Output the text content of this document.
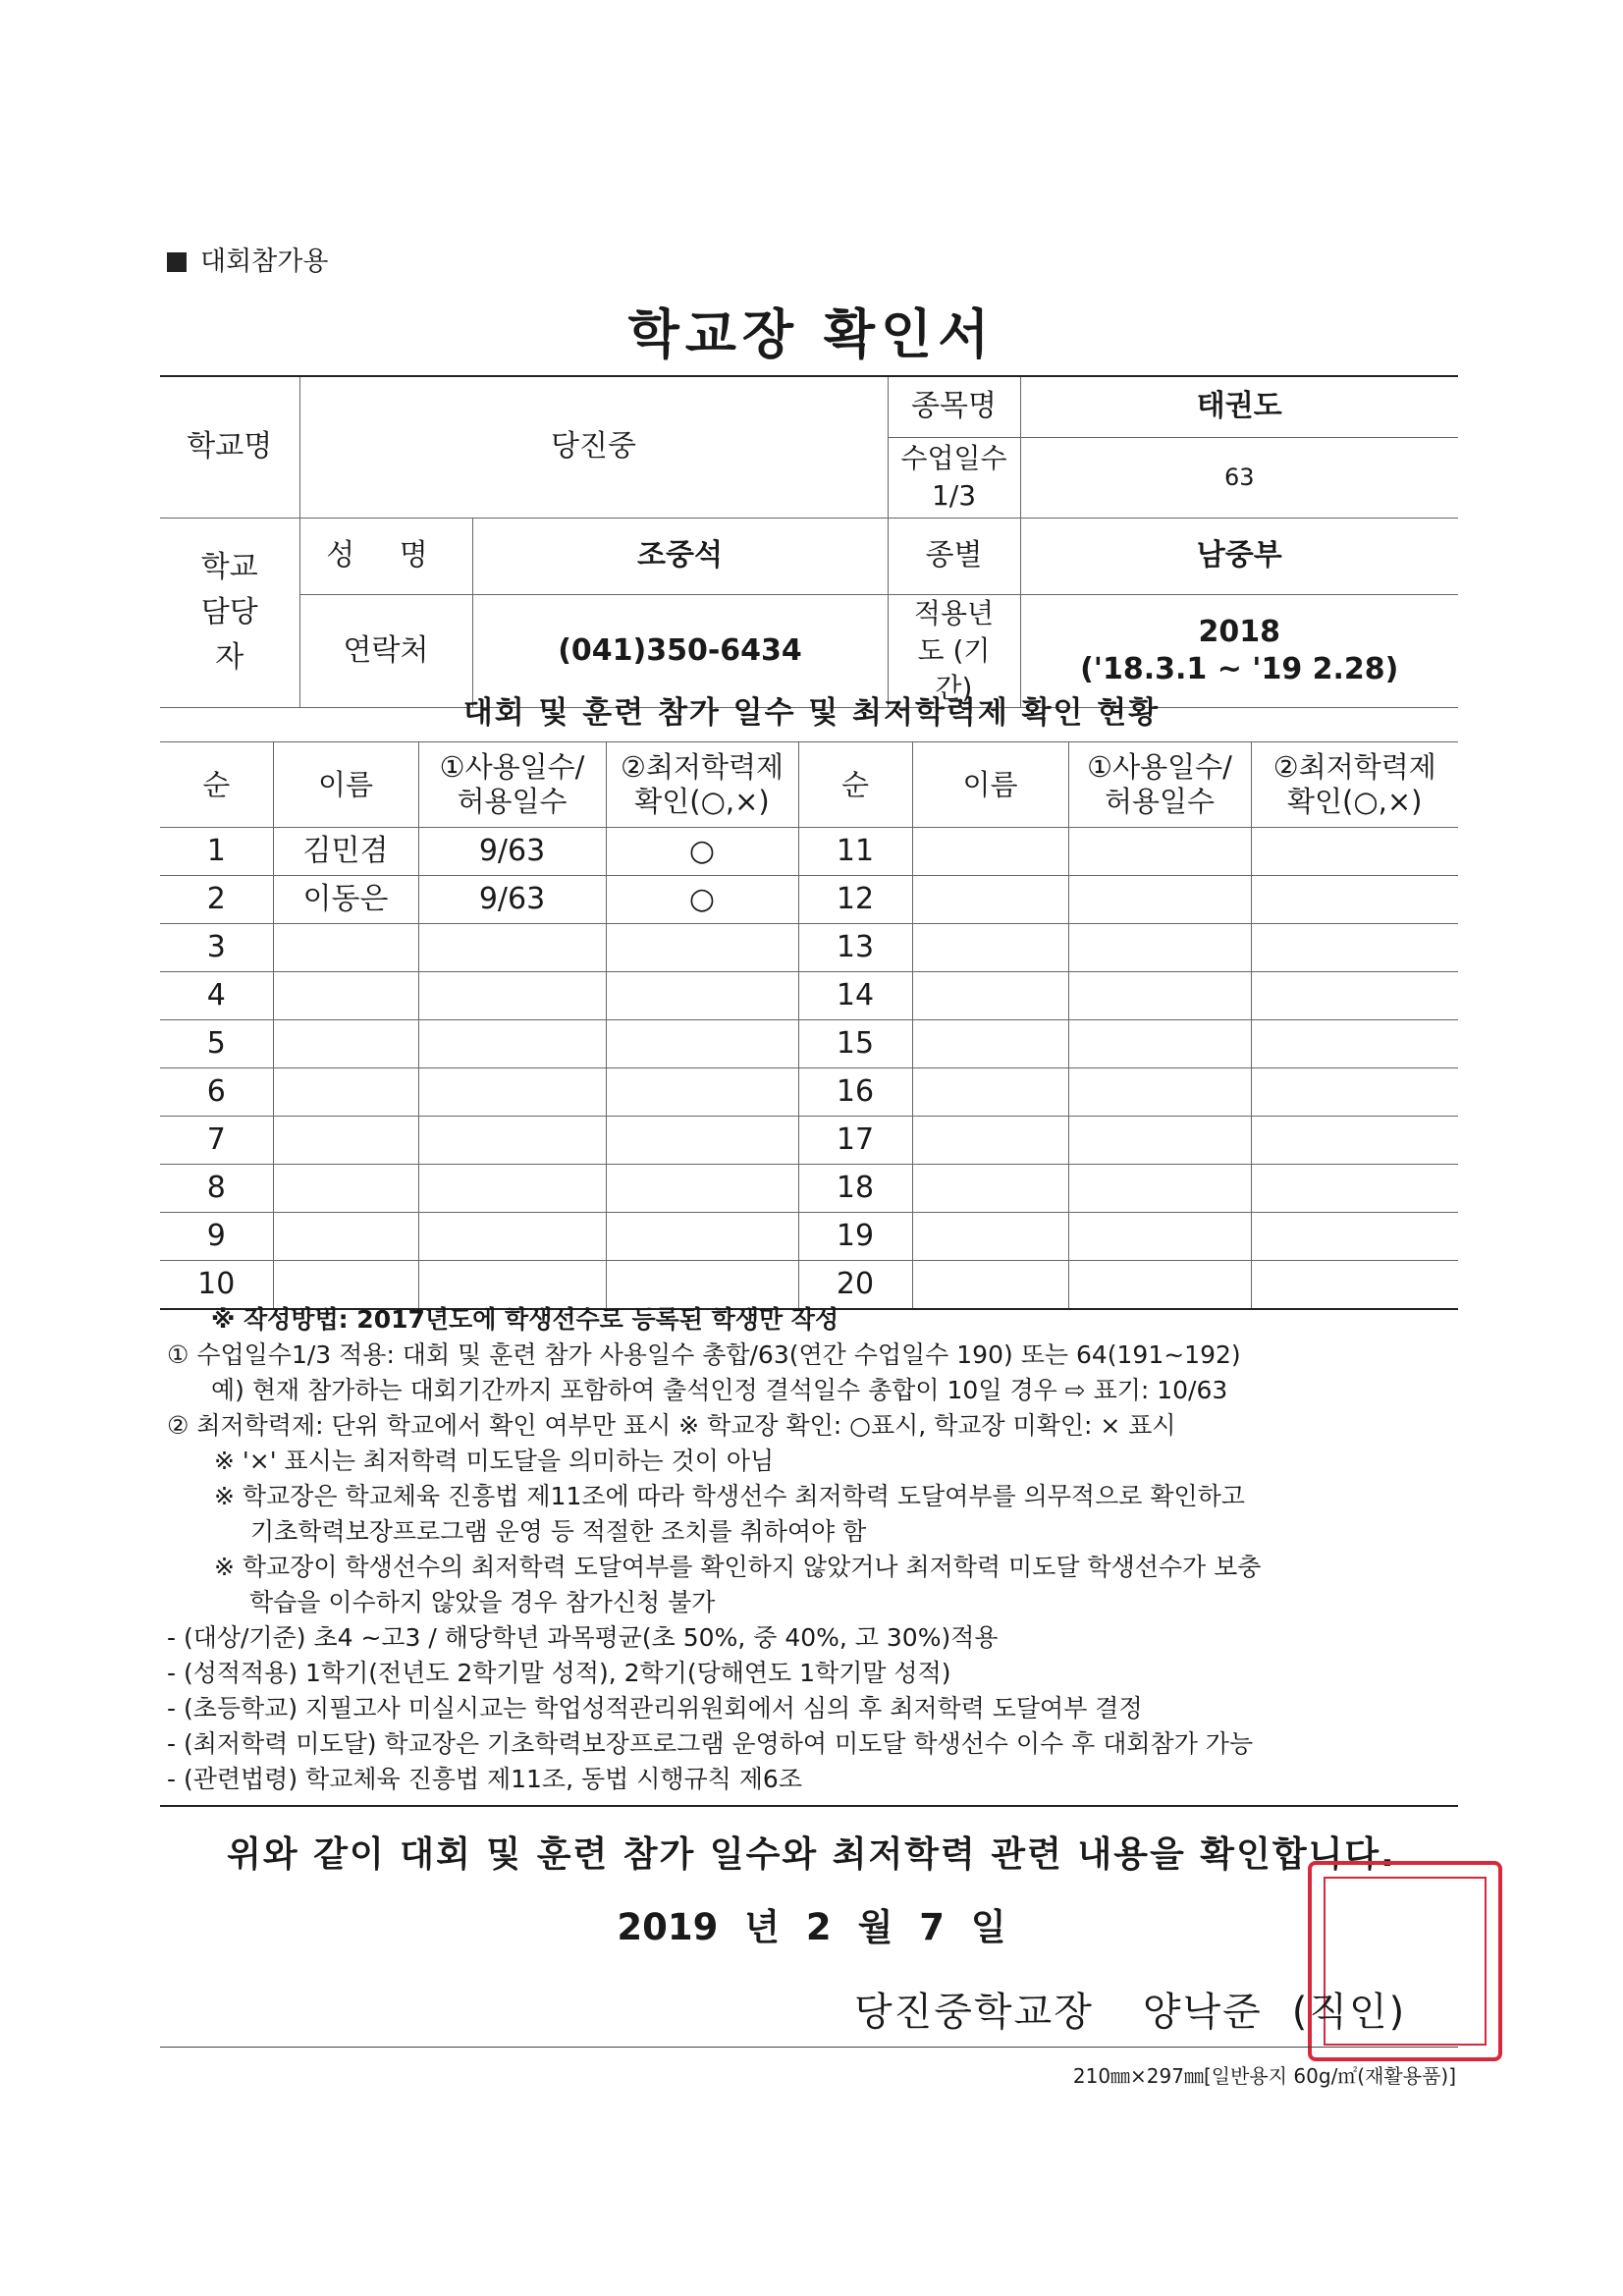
대회참가용
학교장 확인서
학교명	당진중		종목명	태권도
			수업일수 1/3	63
학교 담당자	성 명	조중석	종별	남중부
	연락처	(041)350-6434	적용년도 (기간)	2018
('18.3.1 ~ '19 2.28)

대회 및 훈련 참가 일수 및 최저학력제 확인 현황
순	이름	①사용일수/ 허용일수	②최저학력제 확인(○,×)	순	이름	①사용일수/ 허용일수	②최저학력제 확인(○,×)
1	김민겸	9/63	○	11			
2	이동은	9/63	○	12			
3				13			
4				14			
5				15			
6				16			
7				17			
8				18			
9				19			
10				20			
※ 작성방법: 2017년도에 학생선수로 등록된 학생만 작성
① 수업일수1/3 적용: 대회 및 훈련 참가 사용일수 총합/63(연간 수업일수 190) 또는 64(191~192)
예) 현재 참가하는 대회기간까지 포함하여 출석인정 결석일수 총합이 10일 경우 ⇨ 표기: 10/63
② 최저학력제: 단위 학교에서 확인 여부만 표시 ※ 학교장 확인: ○표시, 학교장 미확인: × 표시
※ '×' 표시는 최저학력 미도달을 의미하는 것이 아님
※ 학교장은 학교체육 진흥법 제11조에 따라 학생선수 최저학력 도달여부를 의무적으로 확인하고
기초학력보장프로그램 운영 등 적절한 조치를 취하여야 함
※ 학교장이 학생선수의 최저학력 도달여부를 확인하지 않았거나 최저학력 미도달 학생선수가 보충
학습을 이수하지 않았을 경우 참가신청 불가
- (대상/기준) 초4 ~고3 / 해당학년 과목평균(초 50%, 중 40%, 고 30%)적용
- (성적적용) 1학기(전년도 2학기말 성적), 2학기(당해연도 1학기말 성적)
- (초등학교) 지필고사 미실시교는 학업성적관리위원회에서 심의 후 최저학력 도달여부 결정
- (최저학력 미도달) 학교장은 기초학력보장프로그램 운영하여 미도달 학생선수 이수 후 대회참가 가능
- (관련법령) 학교체육 진흥법 제11조, 동법 시행규칙 제6조
위와 같이 대회 및 훈련 참가 일수와 최저학력 관련 내용을 확인합니다.
2019 년 2 월 7 일
당진중학교장 양낙준 (직인)
210㎜×297㎜[일반용지 60g/㎡(재활용품)]
